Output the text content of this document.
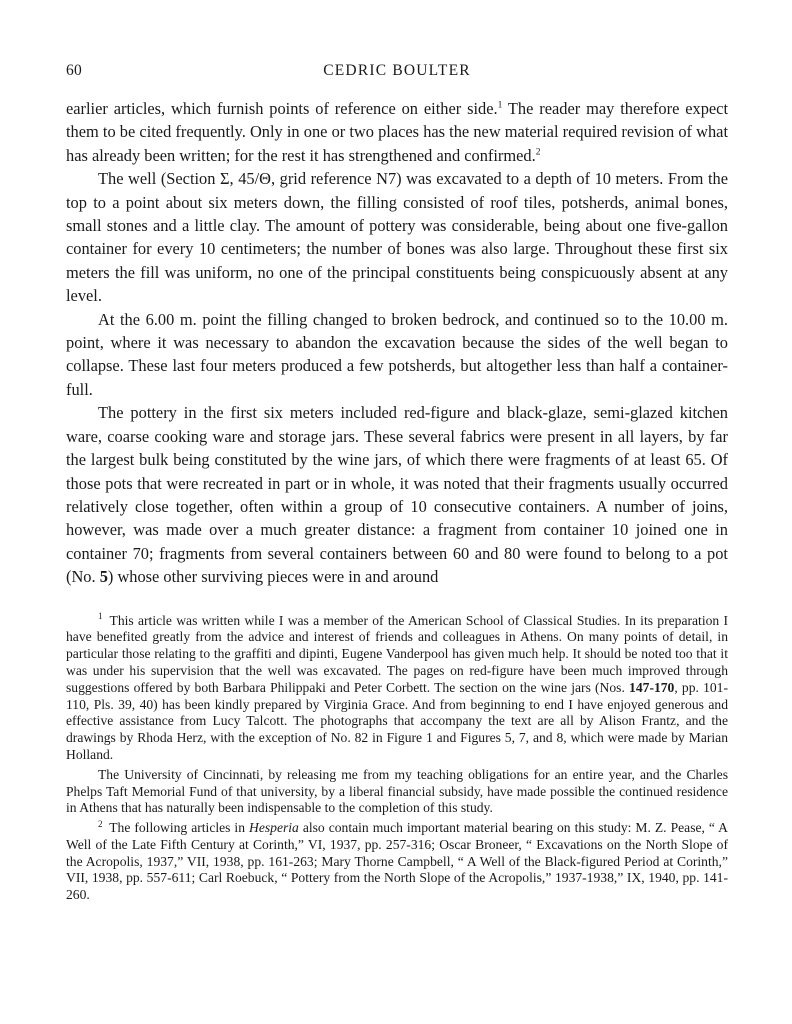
60	CEDRIC BOULTER

earlier articles, which furnish points of reference on either side.$^1$ The reader may therefore expect them to be cited frequently. Only in one or two places has the new material required revision of what has already been written; for the rest it has strengthened and confirmed.$^2$

The well (Section Σ, 45/Θ, grid reference N7) was excavated to a depth of 10 meters. From the top to a point about six meters down, the filling consisted of roof tiles, potsherds, animal bones, small stones and a little clay. The amount of pottery was considerable, being about one five-gallon container for every 10 centimeters; the number of bones was also large. Throughout these first six meters the fill was uniform, no one of the principal constituents being conspicuously absent at any level.

At the 6.00 m. point the filling changed to broken bedrock, and continued so to the 10.00 m. point, where it was necessary to abandon the excavation because the sides of the well began to collapse. These last four meters produced a few potsherds, but altogether less than half a container-full.

The pottery in the first six meters included red-figure and black-glaze, semi-glazed kitchen ware, coarse cooking ware and storage jars. These several fabrics were present in all layers, by far the largest bulk being constituted by the wine jars, of which there were fragments of at least 65. Of those pots that were recreated in part or in whole, it was noted that their fragments usually occurred relatively close together, often within a group of 10 consecutive containers. A number of joins, however, was made over a much greater distance: a fragment from container 10 joined one in container 70; fragments from several containers between 60 and 80 were found to belong to a pot (No. 5) whose other surviving pieces were in and around

$^1$ This article was written while I was a member of the American School of Classical Studies. In its preparation I have benefited greatly from the advice and interest of friends and colleagues in Athens. On many points of detail, in particular those relating to the graffiti and dipinti, Eugene Vanderpool has given much help. It should be noted too that it was under his supervision that the well was excavated. The pages on red-figure have been much improved through suggestions offered by both Barbara Philippaki and Peter Corbett. The section on the wine jars (Nos. 147-170, pp. 101-110, Pls. 39, 40) has been kindly prepared by Virginia Grace. And from beginning to end I have enjoyed generous and effective assistance from Lucy Talcott. The photographs that accompany the text are all by Alison Frantz, and the drawings by Rhoda Herz, with the exception of No. 82 in Figure 1 and Figures 5, 7, and 8, which were made by Marian Holland.

The University of Cincinnati, by releasing me from my teaching obligations for an entire year, and the Charles Phelps Taft Memorial Fund of that university, by a liberal financial subsidy, have made possible the continued residence in Athens that has naturally been indispensable to the completion of this study.

$^2$ The following articles in Hesperia also contain much important material bearing on this study: M. Z. Pease, “ A Well of the Late Fifth Century at Corinth,” VI, 1937, pp. 257-316; Oscar Broneer, “ Excavations on the North Slope of the Acropolis, 1937,” VII, 1938, pp. 161-263; Mary Thorne Campbell, “ A Well of the Black-figured Period at Corinth,” VII, 1938, pp. 557-611; Carl Roebuck, “ Pottery from the North Slope of the Acropolis,” 1937-1938,” IX, 1940, pp. 141-260.
